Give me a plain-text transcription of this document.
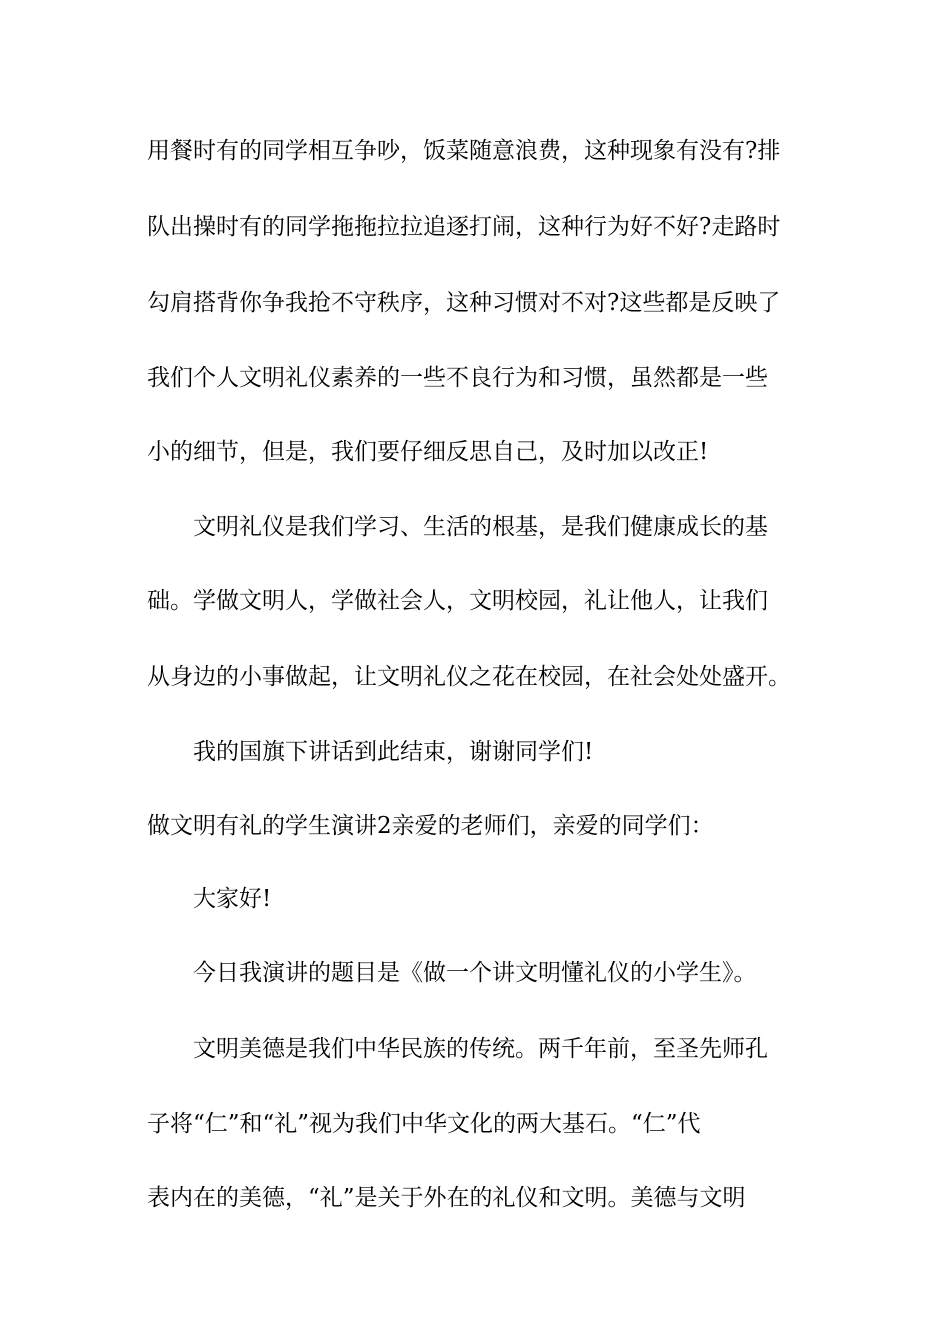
用餐时有的同学相互争吵，饭菜随意浪费，这种现象有没有?排
队出操时有的同学拖拖拉拉追逐打闹，这种行为好不好?走路时
勾肩搭背你争我抢不守秩序，这种习惯对不对?这些都是反映了
我们个人文明礼仪素养的一些不良行为和习惯，虽然都是一些
小的细节，但是，我们要仔细反思自己，及时加以改正!
文明礼仪是我们学习、生活的根基，是我们健康成长的基
础。学做文明人，学做社会人，文明校园，礼让他人，让我们
从身边的小事做起，让文明礼仪之花在校园，在社会处处盛开。
我的国旗下讲话到此结束，谢谢同学们!
做文明有礼的学生演讲2亲爱的老师们，亲爱的同学们：
大家好!
今日我演讲的题目是《做一个讲文明懂礼仪的小学生》。
文明美德是我们中华民族的传统。两千年前，至圣先师孔
子将“仁”和“礼”视为我们中华文化的两大基石。“仁”代
表内在的美德，“礼”是关于外在的礼仪和文明。美德与文明
